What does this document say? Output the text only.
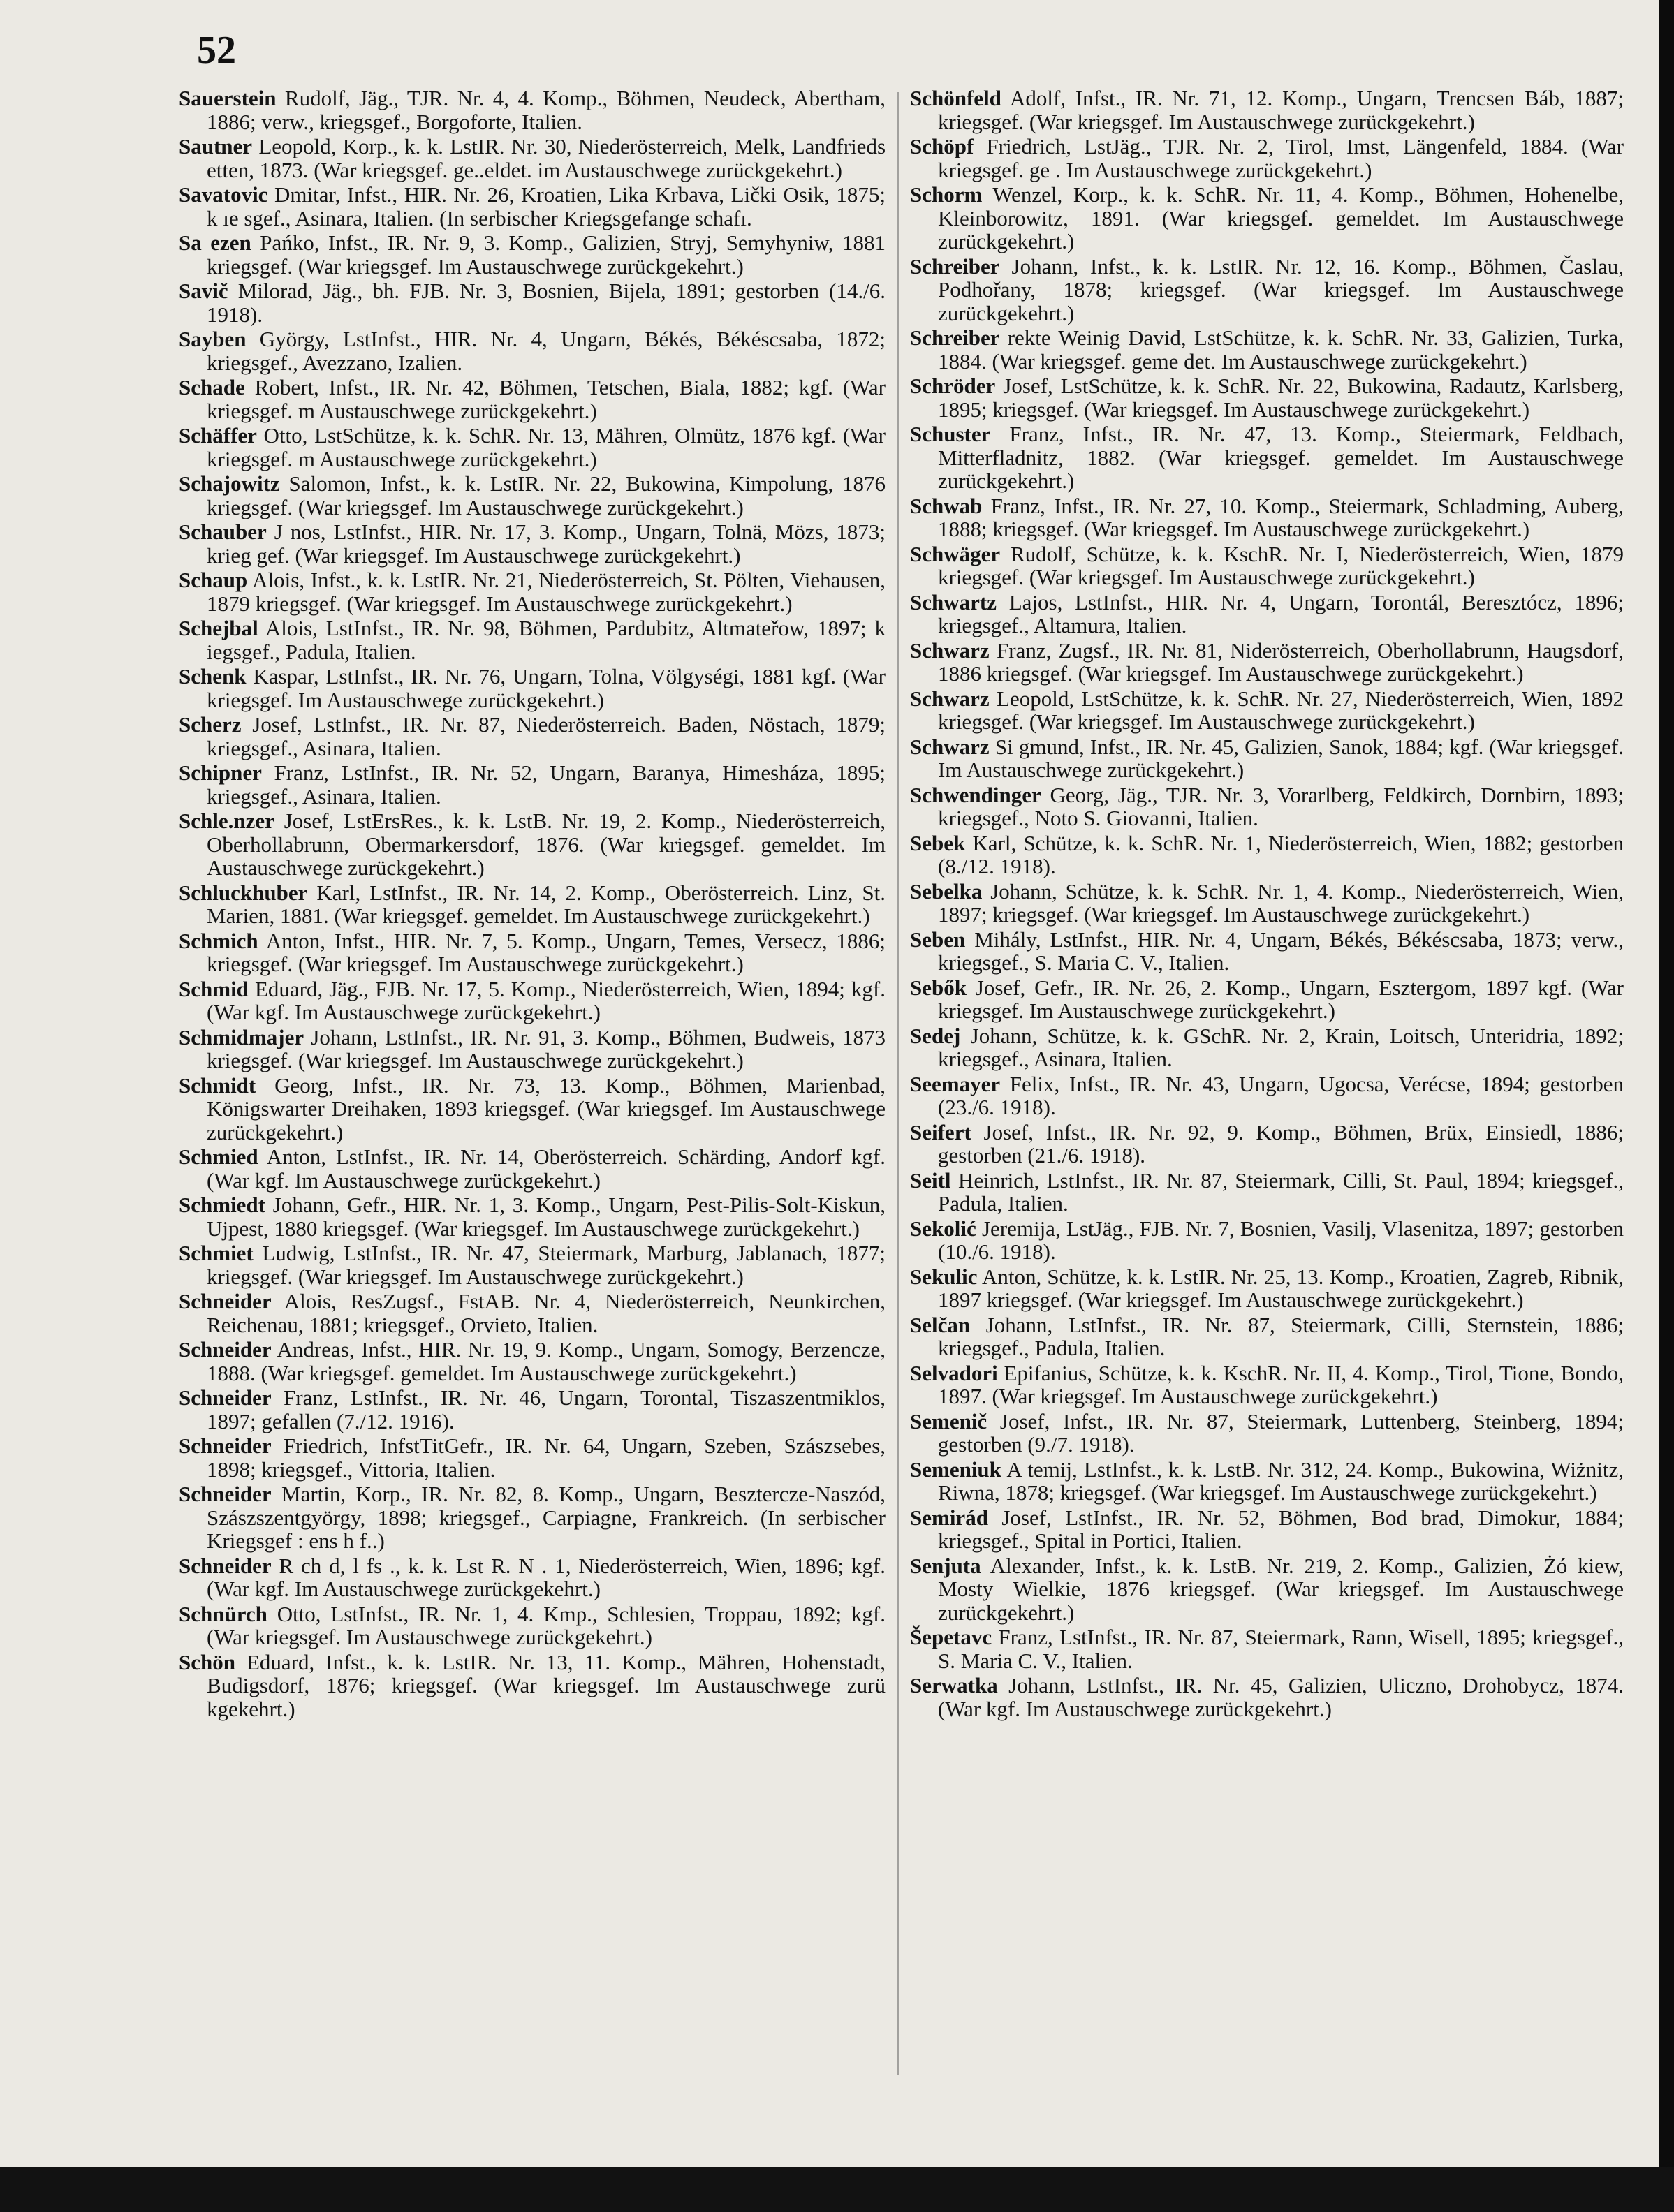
52

Sauerstein Rudolf, Jäg., TJR. Nr. 4, 4. Komp., Böhmen, Neudeck, Abertham, 1886; verw., kriegsgef., Borgoforte, Italien.

Sautner Leopold, Korp., k. k. LstIR. Nr. 30, Niederösterreich, Melk, Landfrieds etten, 1873. (War kriegsgef. ge..eldet. im Austauschwege zurückgekehrt.)

Savatovic Dmitar, Infst., HIR. Nr. 26, Kroatien, Lika Krbava, Lički Osik, 1875; k ıe sgef., Asinara, Italien. (In serbischer Kriegsgefange schafı.

Sa ezen Pańko, Infst., IR. Nr. 9, 3. Komp., Galizien, Stryj, Semyhyniw, 1881 kriegsgef. (War kriegsgef. Im Austauschwege zurückgekehrt.)

Savič Milorad, Jäg., bh. FJB. Nr. 3, Bosnien, Bijela, 1891; gestorben (14./6. 1918).

Sayben György, LstInfst., HIR. Nr. 4, Ungarn, Békés, Békéscsaba, 1872; kriegsgef., Avezzano, Izalien.

Schade Robert, Infst., IR. Nr. 42, Böhmen, Tetschen, Biala, 1882; kgf. (War kriegsgef. m Austauschwege zurückgekehrt.)

Schäffer Otto, LstSchütze, k. k. SchR. Nr. 13, Mähren, Olmütz, 1876 kgf. (War kriegsgef. m Austauschwege zurückgekehrt.)

Schajowitz Salomon, Infst., k. k. LstIR. Nr. 22, Bukowina, Kimpolung, 1876 kriegsgef. (War kriegsgef. Im Austauschwege zurückgekehrt.)

Schauber J nos, LstInfst., HIR. Nr. 17, 3. Komp., Ungarn, Tolnä, Mözs, 1873; krieg gef. (War kriegsgef. Im Austauschwege zurückgekehrt.)

Schaup Alois, Infst., k. k. LstIR. Nr. 21, Niederösterreich, St. Pölten, Viehausen, 1879 kriegsgef. (War kriegsgef. Im Austauschwege zurückgekehrt.)

Schejbal Alois, LstInfst., IR. Nr. 98, Böhmen, Pardubitz, Altmateřow, 1897; k iegsgef., Padula, Italien.

Schenk Kaspar, LstInfst., IR. Nr. 76, Ungarn, Tolna, Völgységi, 1881 kgf. (War kriegsgef. Im Austauschwege zurückgekehrt.)

Scherz Josef, LstInfst., IR. Nr. 87, Niederösterreich. Baden, Nöstach, 1879; kriegsgef., Asinara, Italien.

Schipner Franz, LstInfst., IR. Nr. 52, Ungarn, Baranya, Himesháza, 1895; kriegsgef., Asinara, Italien.

Schle.nzer Josef, LstErsRes., k. k. LstB. Nr. 19, 2. Komp., Niederösterreich, Oberhollabrunn, Obermarkersdorf, 1876. (War kriegsgef. gemeldet. Im Austauschwege zurückgekehrt.)

Schluckhuber Karl, LstInfst., IR. Nr. 14, 2. Komp., Oberösterreich. Linz, St. Marien, 1881. (War kriegsgef. gemeldet. Im Austauschwege zurückgekehrt.)

Schmich Anton, Infst., HIR. Nr. 7, 5. Komp., Ungarn, Temes, Versecz, 1886; kriegsgef. (War kriegsgef. Im Austauschwege zurückgekehrt.)

Schmid Eduard, Jäg., FJB. Nr. 17, 5. Komp., Niederösterreich, Wien, 1894; kgf. (War kgf. Im Austauschwege zurückgekehrt.)

Schmidmajer Johann, LstInfst., IR. Nr. 91, 3. Komp., Böhmen, Budweis, 1873 kriegsgef. (War kriegsgef. Im Austauschwege zurückgekehrt.)

Schmidt Georg, Infst., IR. Nr. 73, 13. Komp., Böhmen, Marienbad, Königswarter Dreihaken, 1893 kriegsgef. (War kriegsgef. Im Austauschwege zurückgekehrt.)

Schmied Anton, LstInfst., IR. Nr. 14, Oberösterreich. Schärding, Andorf kgf. (War kgf. Im Austauschwege zurückgekehrt.)

Schmiedt Johann, Gefr., HIR. Nr. 1, 3. Komp., Ungarn, Pest-Pilis-Solt-Kiskun, Ujpest, 1880 kriegsgef. (War kriegsgef. Im Austauschwege zurückgekehrt.)

Schmiet Ludwig, LstInfst., IR. Nr. 47, Steiermark, Marburg, Jablanach, 1877; kriegsgef. (War kriegsgef. Im Austauschwege zurückgekehrt.)

Schneider Alois, ResZugsf., FstAB. Nr. 4, Niederösterreich, Neunkirchen, Reichenau, 1881; kriegsgef., Orvieto, Italien.

Schneider Andreas, Infst., HIR. Nr. 19, 9. Komp., Ungarn, Somogy, Berzencze, 1888. (War kriegsgef. gemeldet. Im Austauschwege zurückgekehrt.)

Schneider Franz, LstInfst., IR. Nr. 46, Ungarn, Torontal, Tiszaszentmiklos, 1897; gefallen (7./12. 1916).

Schneider Friedrich, InfstTitGefr., IR. Nr. 64, Ungarn, Szeben, Szászsebes, 1898; kriegsgef., Vittoria, Italien.

Schneider Martin, Korp., IR. Nr. 82, 8. Komp., Ungarn, Besztercze-Naszód, Szászszentgyörgy, 1898; kriegsgef., Carpiagne, Frankreich. (In serbischer Kriegsgef : ens h f..)

Schneider R ch d, l fs ., k. k. Lst R. N . 1, Niederösterreich, Wien, 1896; kgf. (War kgf. Im Austauschwege zurückgekehrt.)

Schnürch Otto, LstInfst., IR. Nr. 1, 4. Kmp., Schlesien, Troppau, 1892; kgf. (War kriegsgef. Im Austauschwege zurückgekehrt.)

Schön Eduard, Infst., k. k. LstIR. Nr. 13, 11. Komp., Mähren, Hohenstadt, Budigsdorf, 1876; kriegsgef. (War kriegsgef. Im Austauschwege zurü kgekehrt.)

Schönfeld Adolf, Infst., IR. Nr. 71, 12. Komp., Ungarn, Trencsen Báb, 1887; kriegsgef. (War kriegsgef. Im Austauschwege zurückgekehrt.)

Schöpf Friedrich, LstJäg., TJR. Nr. 2, Tirol, Imst, Längenfeld, 1884. (War kriegsgef. ge . Im Austauschwege zurückgekehrt.)

Schorm Wenzel, Korp., k. k. SchR. Nr. 11, 4. Komp., Böhmen, Hohenelbe, Kleinborowitz, 1891. (War kriegsgef. gemeldet. Im Austauschwege zurückgekehrt.)

Schreiber Johann, Infst., k. k. LstIR. Nr. 12, 16. Komp., Böhmen, Časlau, Podhořany, 1878; kriegsgef. (War kriegsgef. Im Austauschwege zurückgekehrt.)

Schreiber rekte Weinig David, LstSchütze, k. k. SchR. Nr. 33, Galizien, Turka, 1884. (War kriegsgef. geme det. Im Austauschwege zurückgekehrt.)

Schröder Josef, LstSchütze, k. k. SchR. Nr. 22, Bukowina, Radautz, Karlsberg, 1895; kriegsgef. (War kriegsgef. Im Austauschwege zurückgekehrt.)

Schuster Franz, Infst., IR. Nr. 47, 13. Komp., Steiermark, Feldbach, Mitterfladnitz, 1882. (War kriegsgef. gemeldet. Im Austauschwege zurückgekehrt.)

Schwab Franz, Infst., IR. Nr. 27, 10. Komp., Steiermark, Schladming, Auberg, 1888; kriegsgef. (War kriegsgef. Im Austauschwege zurückgekehrt.)

Schwäger Rudolf, Schütze, k. k. KschR. Nr. I, Niederösterreich, Wien, 1879 kriegsgef. (War kriegsgef. Im Austauschwege zurückgekehrt.)

Schwartz Lajos, LstInfst., HIR. Nr. 4, Ungarn, Torontál, Beresztócz, 1896; kriegsgef., Altamura, Italien.

Schwarz Franz, Zugsf., IR. Nr. 81, Niderösterreich, Oberhollabrunn, Haugsdorf, 1886 kriegsgef. (War kriegsgef. Im Austauschwege zurückgekehrt.)

Schwarz Leopold, LstSchütze, k. k. SchR. Nr. 27, Niederösterreich, Wien, 1892 kriegsgef. (War kriegsgef. Im Austauschwege zurückgekehrt.)

Schwarz Si gmund, Infst., IR. Nr. 45, Galizien, Sanok, 1884; kgf. (War kriegsgef. Im Austauschwege zurückgekehrt.)

Schwendinger Georg, Jäg., TJR. Nr. 3, Vorarlberg, Feldkirch, Dornbirn, 1893; kriegsgef., Noto S. Giovanni, Italien.

Sebek Karl, Schütze, k. k. SchR. Nr. 1, Niederösterreich, Wien, 1882; gestorben (8./12. 1918).

Sebelka Johann, Schütze, k. k. SchR. Nr. 1, 4. Komp., Niederösterreich, Wien, 1897; kriegsgef. (War kriegsgef. Im Austauschwege zurückgekehrt.)

Seben Mihály, LstInfst., HIR. Nr. 4, Ungarn, Békés, Békéscsaba, 1873; verw., kriegsgef., S. Maria C. V., Italien.

Sebők Josef, Gefr., IR. Nr. 26, 2. Komp., Ungarn, Esztergom, 1897 kgf. (War kriegsgef. Im Austauschwege zurückgekehrt.)

Sedej Johann, Schütze, k. k. GSchR. Nr. 2, Krain, Loitsch, Unteridria, 1892; kriegsgef., Asinara, Italien.

Seemayer Felix, Infst., IR. Nr. 43, Ungarn, Ugocsa, Verécse, 1894; gestorben (23./6. 1918).

Seifert Josef, Infst., IR. Nr. 92, 9. Komp., Böhmen, Brüx, Einsiedl, 1886; gestorben (21./6. 1918).

Seitl Heinrich, LstInfst., IR. Nr. 87, Steiermark, Cilli, St. Paul, 1894; kriegsgef., Padula, Italien.

Sekolić Jeremija, LstJäg., FJB. Nr. 7, Bosnien, Vasilj, Vlasenitza, 1897; gestorben (10./6. 1918).

Sekulic Anton, Schütze, k. k. LstIR. Nr. 25, 13. Komp., Kroatien, Zagreb, Ribnik, 1897 kriegsgef. (War kriegsgef. Im Austauschwege zurückgekehrt.)

Selčan Johann, LstInfst., IR. Nr. 87, Steiermark, Cilli, Sternstein, 1886; kriegsgef., Padula, Italien.

Selvadori Epifanius, Schütze, k. k. KschR. Nr. II, 4. Komp., Tirol, Tione, Bondo, 1897. (War kriegsgef. Im Austauschwege zurückgekehrt.)

Semenič Josef, Infst., IR. Nr. 87, Steiermark, Luttenberg, Steinberg, 1894; gestorben (9./7. 1918).

Semeniuk A temij, LstInfst., k. k. LstB. Nr. 312, 24. Komp., Bukowina, Wiżnitz, Riwna, 1878; kriegsgef. (War kriegsgef. Im Austauschwege zurückgekehrt.)

Semirád Josef, LstInfst., IR. Nr. 52, Böhmen, Bod brad, Dimokur, 1884; kriegsgef., Spital in Portici, Italien.

Senjuta Alexander, Infst., k. k. LstB. Nr. 219, 2. Komp., Galizien, Żó kiew, Mosty Wielkie, 1876 kriegsgef. (War kriegsgef. Im Austauschwege zurückgekehrt.)

Šepetavc Franz, LstInfst., IR. Nr. 87, Steiermark, Rann, Wisell, 1895; kriegsgef., S. Maria C. V., Italien.

Serwatka Johann, LstInfst., IR. Nr. 45, Galizien, Uliczno, Drohobycz, 1874. (War kgf. Im Austauschwege zurückgekehrt.)
